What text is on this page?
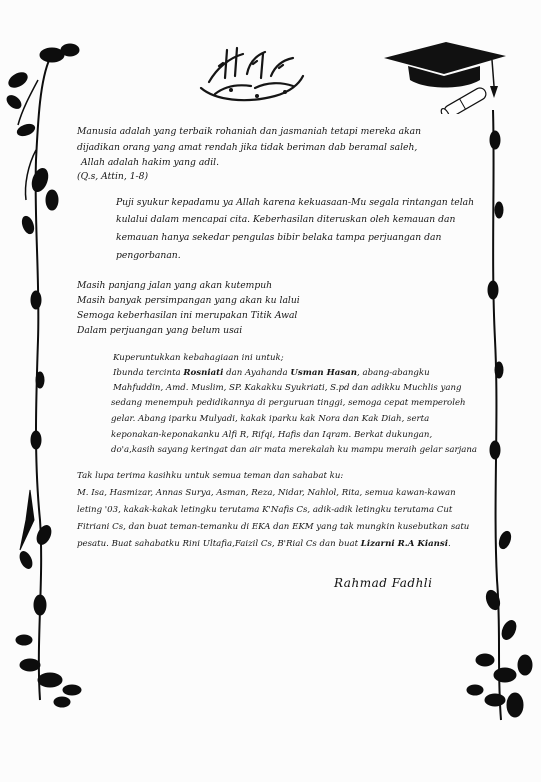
Manusia adalah yang terbaik rohaniah dan jasmaniah tetapi mereka akan
dijadikan orang yang amat rendah jika tidak beriman dab beramal saleh,
Allah adalah hakim yang adil.
(Q.s, Attin, 1-8)
Puji syukur kepadamu ya Allah karena kekuasaan-Mu segala rintangan telah
kulalui dalam mencapai cita. Keberhasilan diteruskan oleh kemauan dan
kemauan hanya sekedar pengulas bibir belaka tampa perjuangan dan
pengorbanan.
Masih panjang jalan yang akan kutempuh
Masih banyak persimpangan yang akan ku lalui
Semoga keberhasilan ini merupakan Titik Awal
Dalam perjuangan yang belum usai
Kuperuntukkan kebahagiaan ini untuk;
Ibunda tercinta Rosniati dan Ayahanda Usman Hasan, abang-abangku
Mahfuddin, Amd. Muslim, SP. Kakakku Syukriati, S.pd dan adikku Muchlis yang
sedang menempuh pedidikannya di perguruan tinggi, semoga cepat memperoleh
gelar. Abang iparku Mulyadi, kakak iparku kak Nora dan Kak Diah, serta
keponakan-keponakanku Alfi R, Rifqi, Hafis dan Iqram. Berkat dukungan,
do'a,kasih sayang keringat dan air mata merekalah ku mampu meraih gelar sarjana
Tak lupa terima kasihku untuk semua teman dan sahabat ku:
M. Isa, Hasmizar, Annas Surya, Asman, Reza, Nidar, Nahlol, Rita, semua kawan-kawan
leting '03, kakak-kakak letingku terutama K'Nafis Cs, adik-adik letingku terutama Cut
Fitriani Cs, dan buat teman-temanku di EKA dan EKM yang tak mungkin kusebutkan satu
pesatu. Buat sahabatku Rini Ultafia,Faizil Cs, B'Rial Cs dan buat Lizarni R.A Kiansi.
Rahmad Fadhli
